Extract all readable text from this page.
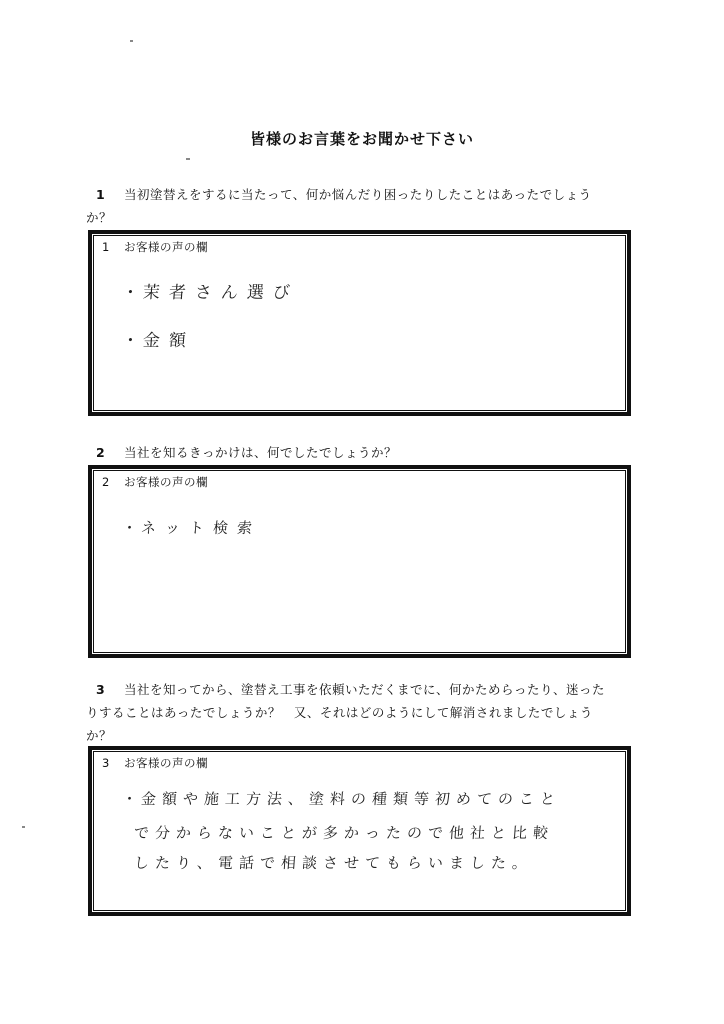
皆様のお言葉をお聞かせ下さい
1 当初塗替えをするに当たって、何か悩んだり困ったりしたことはあったでしょう
か？
1 お客様の声の欄
・茉者さん選び
・金額
2 当社を知るきっかけは、何でしたでしょうか？
2 お客様の声の欄
・ネット検索
3 当社を知ってから、塗替え工事を依頼いただくまでに、何かためらったり、迷った
りすることはあったでしょうか？　又、それはどのようにして解消されましたでしょう
か？
3 お客様の声の欄
・金額や施工方法、塗料の種類等初めてのこと
で分からないことが多かったので他社と比較
したり、電話で相談させてもらいました。
